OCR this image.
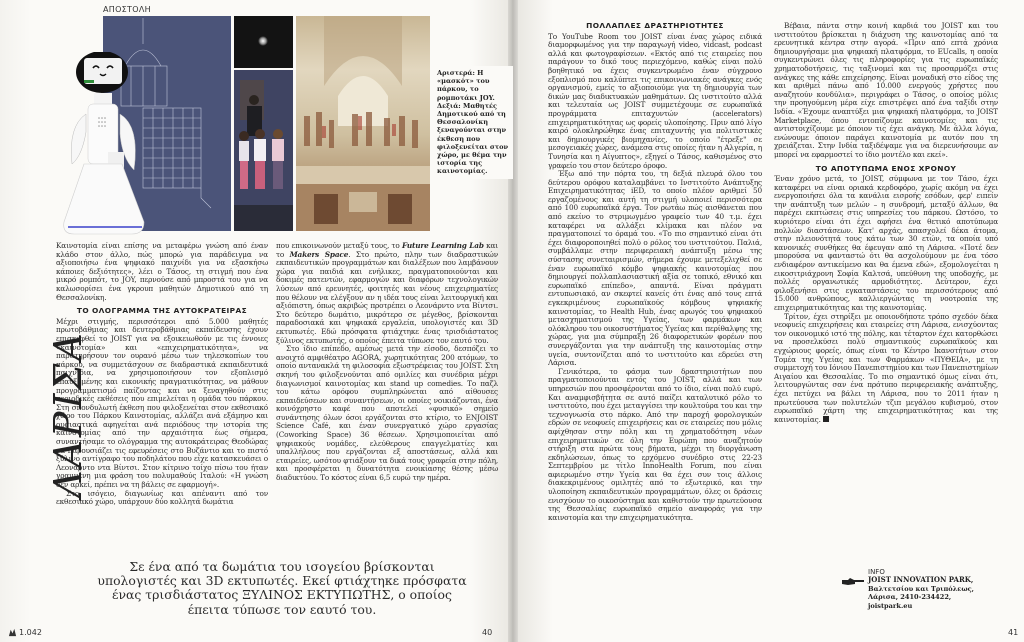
ΑΠΟΣΤΟΛΗ
Αριστερά: Η «μασκότ» του πάρκου, το ρομποτάκι JOY. Δεξιά: Μαθητές Δημοτικού από τη Θεσσαλονίκη ξεναγούνται στην έκθεση που φιλοξενείται στον χώρο, με θέμα την ιστορία της καινοτομίας.
ΛΑΡΙΣΑ

Καινοτομία είναι επίσης να μεταφέρω γνώση από έναν κλάδο στον άλλο, πώς μπορώ για παράδειγμα να αξιοποιήσω ένα ψηφιακό παιχνίδι για να εξασκήσω κάποιες δεξιότητες», λέει ο Τάσος, τη στιγμή που ένα μικρό ρομπότ, το JOY, περνούσε από μπροστά του για να καλωσορίσει ένα γκρουπ μαθητών Δημοτικού από τη Θεσσαλονίκη.

ΤΟ ΟΛΟΓΡΑΜΜΑ ΤΗΣ ΑΥΤΟΚΡΑΤΕΙΡΑΣ

Μέχρι στιγμής, περισσότεροι από 5.000 μαθητές πρωτοβάθμιας και δευτεροβάθμιας εκπαίδευσης έχουν επισκεφθεί το JOIST για να εξοικειωθούν με τις έννοιες «καινοτομία» και «επιχειρηματικότητα», να παρατηρήσουν τον ουρανό μέσω των τηλεσκοπίων του πάρκου, να συμμετάσχουν σε διαδραστικά εκπαιδευτικά παιχνίδια, να χρησιμοποιήσουν τον εξοπλισμό επαυξημένης και εικονικής πραγματικότητας, να μάθουν προγραμματισμό παίζοντας και να ξεναγηθούν στις περιοδικές εκθέσεις που επιμελείται η ομάδα του πάρκου. Στη σπονδυλωτή έκθεση που φιλοξενείται στον εκθεσιακό χώρο του Πάρκου Καινοτομίας, αλλάζει ανά εξάμηνο και ουσιαστικά αφηγείται ανά περιόδους την ιστορία της καινοτομίας από την αρχαιότητα έως σήμερα, συναντήσαμε το ολόγραμμα της αυτοκράτειρας Θεοδώρας να παρουσιάζει τις εφευρέσεις στο Βυζάντιο και το πιστό ξύλινο αντίγραφο του ποδηλάτου που είχε κατασκευάσει ο Λεονάρντο ντα Βίντσι. Στον κίτρινο τοίχο πίσω του ήταν γραμμένη μια φράση του πολυμαθούς Ιταλού: «Η γνώση δεν αρκεί, πρέπει να τη βάλεις σε εφαρμογή».

Στο ισόγειο, διαγωνίως και απέναντι από τον εκθεσιακό χώρο, υπάρχουν δύο κολλητά δωμάτια

που επικοινωνούν μεταξύ τους, το Future Learning Lab και το Makers Space. Στο πρώτο, πλην των διαδραστικών εκπαιδευτικών προγραμμάτων και διαλέξεων που λαμβάνουν χώρα για παιδιά και ενήλικες, πραγματοποιούνται και δοκιμές πατεντών, εφαρμογών και διαφόρων τεχνολογικών λύσεων από ερευνητές, φοιτητές και νέους επιχειρηματίες που θέλουν να ελέγξουν αν η ιδέα τους είναι λειτουργική και αξιόπιστη, όπως ακριβώς προτρέπει ο Λεονάρντο ντα Βίντσι. Στο δεύτερο δωμάτιο, μικρότερο σε μέγεθος, βρίσκονται παραδοσιακά και ψηφιακά εργαλεία, υπολογιστές και 3D εκτυπωτές. Εδώ πρόσφατα φτιάχτηκε ένας τρισδιάστατος ξύλινος εκτυπωτής, ο οποίος έπειτα τύπωσε τον εαυτό του.

Στο ίδιο επίπεδο, αμέσως μετά την είσοδο, δεσπόζει το ανοιχτό αμφιθέατρο AGORA, χωρητικότητας 200 ατόμων, το οποίο αντανακλά τη φιλοσοφία εξωστρέφειας του JOIST. Στη σκηνή του φιλοξενούνται από ομιλίες και συνέδρια μέχρι διαγωνισμοί καινοτομίας και stand up comedies. Το παζλ του κάτω ορόφου συμπληρώνεται από αίθουσες εκπαιδεύσεων και συναντήσεων, οι οποίες νοικιάζονται, ένα κοινόχρηστο καφέ που αποτελεί «φυσικό» σημείο συνάντησης όλων όσοι εργάζονται στο κτίριο, το ENJOIST Science Café, και έναν συνεργατικό χώρο εργασίας (Coworking Space) 36 θέσεων. Χρησιμοποιείται από ψηφιακούς νομάδες, ελεύθερους επαγγελματίες και υπαλλήλους που εργάζονται εξ αποστάσεως, αλλά και εταιρείες, ωσότου φτιάξουν τα δικά τους γραφεία στην πόλη, και προσφέρεται η δυνατότητα ενοικίασης θέσης μέσω διαδικτύου. Το κόστος είναι 6,5 ευρώ την ημέρα.

Σε ένα από τα δωμάτια του ισογείου βρίσκονται υπολογιστές και 3D εκτυπωτές. Εκεί φτιάχτηκε πρόσφατα ένας τρισδιάστατος ΞΥΛΙΝΟΣ ΕΚΤΥΠΩΤΗΣ, ο οποίος έπειτα τύπωσε τον εαυτό του.
1.042	40
ΠΟΛΛΑΠΛΕΣ ΔΡΑΣΤΗΡΙΟΤΗΤΕΣ

Το YouTube Room του JOIST είναι ένας χώρος ειδικά διαμορφωμένος για την παραγωγή video, vidcast, podcast αλλά και φωτογραφίσεων. «Εκτός από τις εταιρείες που παράγουν το δικό τους περιεχόμενο, καθώς είναι πολύ βοηθητικό να έχεις συγκεντρωμένο έναν σύγχρονο εξοπλισμό που καλύπτει τις επικοινωνιακές ανάγκες ενός οργανισμού, εμείς το αξιοποιούμε για τη δημιουργία των δικών μας διαδικτυακών μαθημάτων. Ως ινστιτούτο αλλά και τελευταία ως JOIST συμμετέχουμε σε ευρωπαϊκά προγράμματα επιταχυντών (accelerators) επιχειρηματικότητας ως φορείς υλοποίησης. Πριν από λίγο καιρό ολοκληρώθηκε ένας επιταχυντής για πολιτιστικές και δημιουργικές βιομηχανίες, το οποίο "έτρεξε" σε μεσογειακές χώρες, ανάμεσα στις οποίες ήταν η Αλγερία, η Τυνησία και η Αίγυπτος», εξηγεί ο Τάσος, καθισμένος στο γραφείο του στον δεύτερο όροφο.

Έξω από την πόρτα του, τη δεξιά πλευρά όλου του δεύτερου ορόφου καταλαμβάνει το Ινστιτούτο Ανάπτυξης Επιχειρηματικότητας iED, το οποίο πλέον αριθμεί 50 εργαζομένους και αυτή τη στιγμή υλοποιεί περισσότερα από 100 ευρωπαϊκά έργα. Τον ρωτάω πώς αισθάνεται που από εκείνο το στριμωγμένο γραφείο των 40 τ.μ. έχει καταφέρει να αλλάξει κλίμακα και πλέον να πραγματοποιεί το όραμά του. «Το πιο σημαντικό είναι ότι έχει διαφοροποιηθεί πολύ ο ρόλος του ινστιτούτου. Παλιά, συμβάλλαμε στην περιφερειακή ανάπτυξη μέσω της σύστασης συνεταιρισμών, σήμερα έχουμε μετεξελιχθεί σε έναν ευρωπαϊκό κόμβο ψηφιακής καινοτομίας που δημιουργεί πολλαπλασιαστική αξία σε τοπικό, εθνικό και ευρωπαϊκό επίπεδο», απαντά. Είναι πράγματι εντυπωσιακό, αν σκεφτεί κανείς ότι ένας από τους επτά εγκεκριμένους ευρωπαϊκούς κόμβους ψηφιακής καινοτομίας, το Health Hub, ένας αρωγός του ψηφιακού μετασχηματισμού της Υγείας, των φαρμάκων και ολόκληρου του οικοσυστήματος Υγείας και περίθαλψης της χώρας, για μια σύμπραξη 26 διαφορετικών φορέων που συνεργάζονται για την ανάπτυξη της καινοτομίας στην υγεία, συντονίζεται από το ινστιτούτο και εδρεύει στη Λάρισα.

Γενικότερα, το φάσμα των δραστηριοτήτων που πραγματοποιούνται εντός του JOIST, αλλά και των υπηρεσιών που προσφέρονται από το ίδιο, είναι πολύ ευρύ. Και αναμφισβήτητα σε αυτό παίζει καταλυτικό ρόλο το ινστιτούτο, που έχει μεταγγίσει την κουλτούρα του και την τεχνογνωσία στο πάρκο. Από την παροχή φορολογικών εδρών σε νεοφυείς επιχειρήσεις και σε εταιρείες που μόλις αφίχθησαν στην πόλη και τη χρηματοδότηση νέων επιχειρηματικών σε όλη την Ευρώπη που αναζητούν στήριξη στα πρώτα τους βήματα, μέχρι τη διοργάνωση εκδηλώσεων, όπως το ερχόμενο συνέδριο στις 22-23 Σεπτεμβρίου με τίτλο InnoHealth Forum, που είναι αφιερωμένο στην Υγεία και θα έχει συν τοις άλλοις διακεκριμένους ομιλητές από το εξωτερικό, και την υλοποίηση εκπαιδευτικών προγραμμάτων, όλες οι δράσεις ενισχύουν το οικοσύστημα και καθιστούν την πρωτεύουσα της Θεσσαλίας ευρωπαϊκό σημείο αναφοράς για την καινοτομία και την επιχειρηματικότητα.

Βέβαια, πάντα στην κοινή καρδιά του JOIST και του ινστιτούτου βρίσκεται η διάχυση της καινοτομίας από τα ερευνητικά κέντρα στην αγορά. «Πριν από επτά χρόνια δημιουργήσαμε μια ψηφιακή πλατφόρμα, το EUcalls, η οποία συγκεντρώνει όλες τις πληροφορίες για τις ευρωπαϊκές χρηματοδοτήσεις, τις ταξινομεί και τις προσαρμόζει στις ανάγκες της κάθε επιχείρησης. Είναι μοναδική στο είδος της και αριθμεί πάνω από 10.000 ενεργούς χρήστες που αναζητούν κονδύλια», περιγράφει ο Τάσος, ο οποίος μόλις την προηγούμενη μέρα είχε επιστρέψει από ένα ταξίδι στην Ινδία. «Έχουμε αναπτύξει μια ψηφιακή πλατφόρμα, το JOIST Marketplace, όπου εντοπίζουμε καινοτομίες και τις αντιστοιχίζουμε με όποιον τις έχει ανάγκη. Με άλλα λόγια, ενώνουμε όποιον παράγει καινοτομία με αυτόν που τη χρειάζεται. Στην Ινδία ταξιδέψαμε για να διερευνήσουμε αν μπορεί να εφαρμοστεί το ίδιο μοντέλο και εκεί».

ΤΟ ΑΠΟΤΥΠΩΜΑ ΕΝΟΣ ΧΡΟΝΟΥ

Έναν χρόνο μετά, το JOIST, σύμφωνα με τον Τάσο, έχει καταφέρει να είναι οριακά κερδοφόρο, χωρίς ακόμη να έχει ενεργοποιήσει όλα τα κανάλια εισροής εσόδων, φερ' ειπείν την ανάπτυξη των μελών – η συνδρομή, μεταξύ άλλων, θα παρέχει εκπτώσεις στις υπηρεσίες του πάρκου. Ωστόσο, το κυριότερο είναι ότι έχει αφήσει ένα θετικό αποτύπωμα πολλών διαστάσεων. Κατ' αρχάς, απασχολεί δέκα άτομα, στην πλειονότητά τους κάτω των 30 ετών, τα οποία υπό κανονικές συνθήκες θα έφευγαν από τη Λάρισα. «Ποτέ δεν μπορούσα να φανταστώ ότι θα ασχολούμουν με ένα τόσο ενδιαφέρον αντικείμενο και θα έμενα εδώ», εξομολογείται η εικοσιτριάχρονη Σοφία Καλτσά, υπεύθυνη της υποδοχής, με πολλές οργανωτικές αρμοδιότητες. Δεύτερον, έχει φιλοξενήσει στις εγκαταστάσεις του περισσότερους από 15.000 ανθρώπους, καλλιεργώντας τη νοοτροπία της επιχειρηματικότητας και της καινοτομίας.

Τρίτον, έχει στηρίξει με οποιονδήποτε τρόπο σχεδόν δέκα νεοφυείς επιχειρήσεις και εταιρείες στη Λάρισα, ενισχύοντας τον οικονομικό ιστό της πόλης, και τέταρτον έχει κατορθώσει να προσελκύσει πολύ σημαντικούς ευρωπαϊκούς και εγχώριους φορείς, όπως είναι το Κέντρο Ικανοτήτων στον Τομέα της Υγείας και των Φαρμάκων «ΠΥΘΕΙΑ», με τη συμμετοχή του Ιόνιου Πανεπιστημίου και των Πανεπιστημίων Αιγαίου και Θεσσαλίας. Το πιο σημαντικό όμως είναι ότι, λειτουργώντας σαν ένα πρότυπο περιφερειακής ανάπτυξης, έχει πετύχει να βάλει τη Λάρισα, που το 2011 ήταν η πρωτεύουσα των πολυτελών τζιπ μεγάλου κυβισμού, στον ευρωπαϊκό χάρτη της επιχειρηματικότητας και της καινοτομίας.

INFO
JOIST INNOVATION PARK,
Βαλτετσίου και Τριπόλεως,
Λάρισα, 2410-234422,
joistpark.eu
41
